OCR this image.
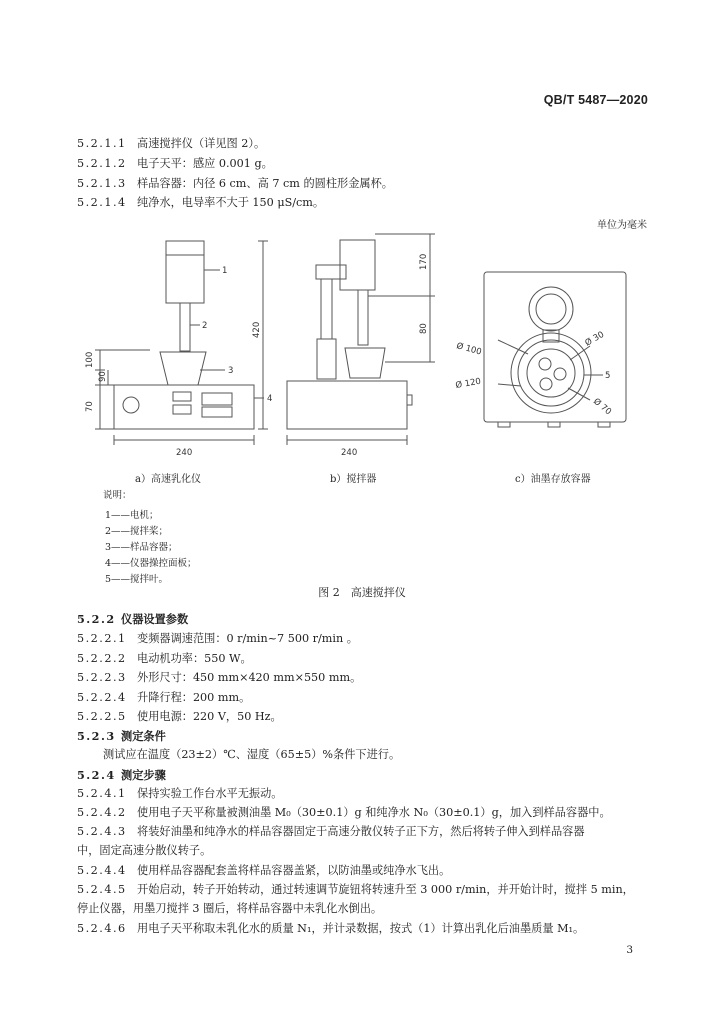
QB/T 5487—2020
5.2.1.1 高速搅拌仪（详见图 2）。
5.2.1.2 电子天平：感应 0.001 g。
5.2.1.3 样品容器：内径 6 cm、高 7 cm 的圆柱形金属杯。
5.2.1.4 纯净水，电导率不大于 150 μS/cm。
单位为毫米
1
2
3
4
5
240
420
100
90
70
240
170
80
Ø 100
Ø 120
Ø 30
Ø 70
a）高速乳化仪	b）搅拌器	c）油墨存放容器
说明：
1——电机；
2——搅拌桨；
3——样品容器；
4——仪器操控面板；
5——搅拌叶。
图 2　高速搅拌仪
5.2.2 仪器设置参数
5.2.2.1 变频器调速范围：0 r/min~7 500 r/min 。
5.2.2.2 电动机功率：550 W。
5.2.2.3 外形尺寸：450 mm×420 mm×550 mm。
5.2.2.4 升降行程：200 mm。
5.2.2.5 使用电源：220 V，50 Hz。
5.2.3 测定条件
测试应在温度（23±2）℃、湿度（65±5）%条件下进行。
5.2.4 测定步骤
5.2.4.1 保持实验工作台水平无振动。
5.2.4.2 使用电子天平称量被测油墨 M₀（30±0.1）g 和纯净水 N₀（30±0.1）g，加入到样品容器中。
5.2.4.3 将装好油墨和纯净水的样品容器固定于高速分散仪转子正下方，然后将转子伸入到样品容器
中，固定高速分散仪转子。
5.2.4.4 使用样品容器配套盖将样品容器盖紧，以防油墨或纯净水飞出。
5.2.4.5 开始启动，转子开始转动，通过转速调节旋钮将转速升至 3 000 r/min，并开始计时，搅拌 5 min，
停止仪器，用墨刀搅拌 3 圈后，将样品容器中未乳化水倒出。
5.2.4.6 用电子天平称取未乳化水的质量 N₁，并计录数据，按式（1）计算出乳化后油墨质量 M₁。
3
